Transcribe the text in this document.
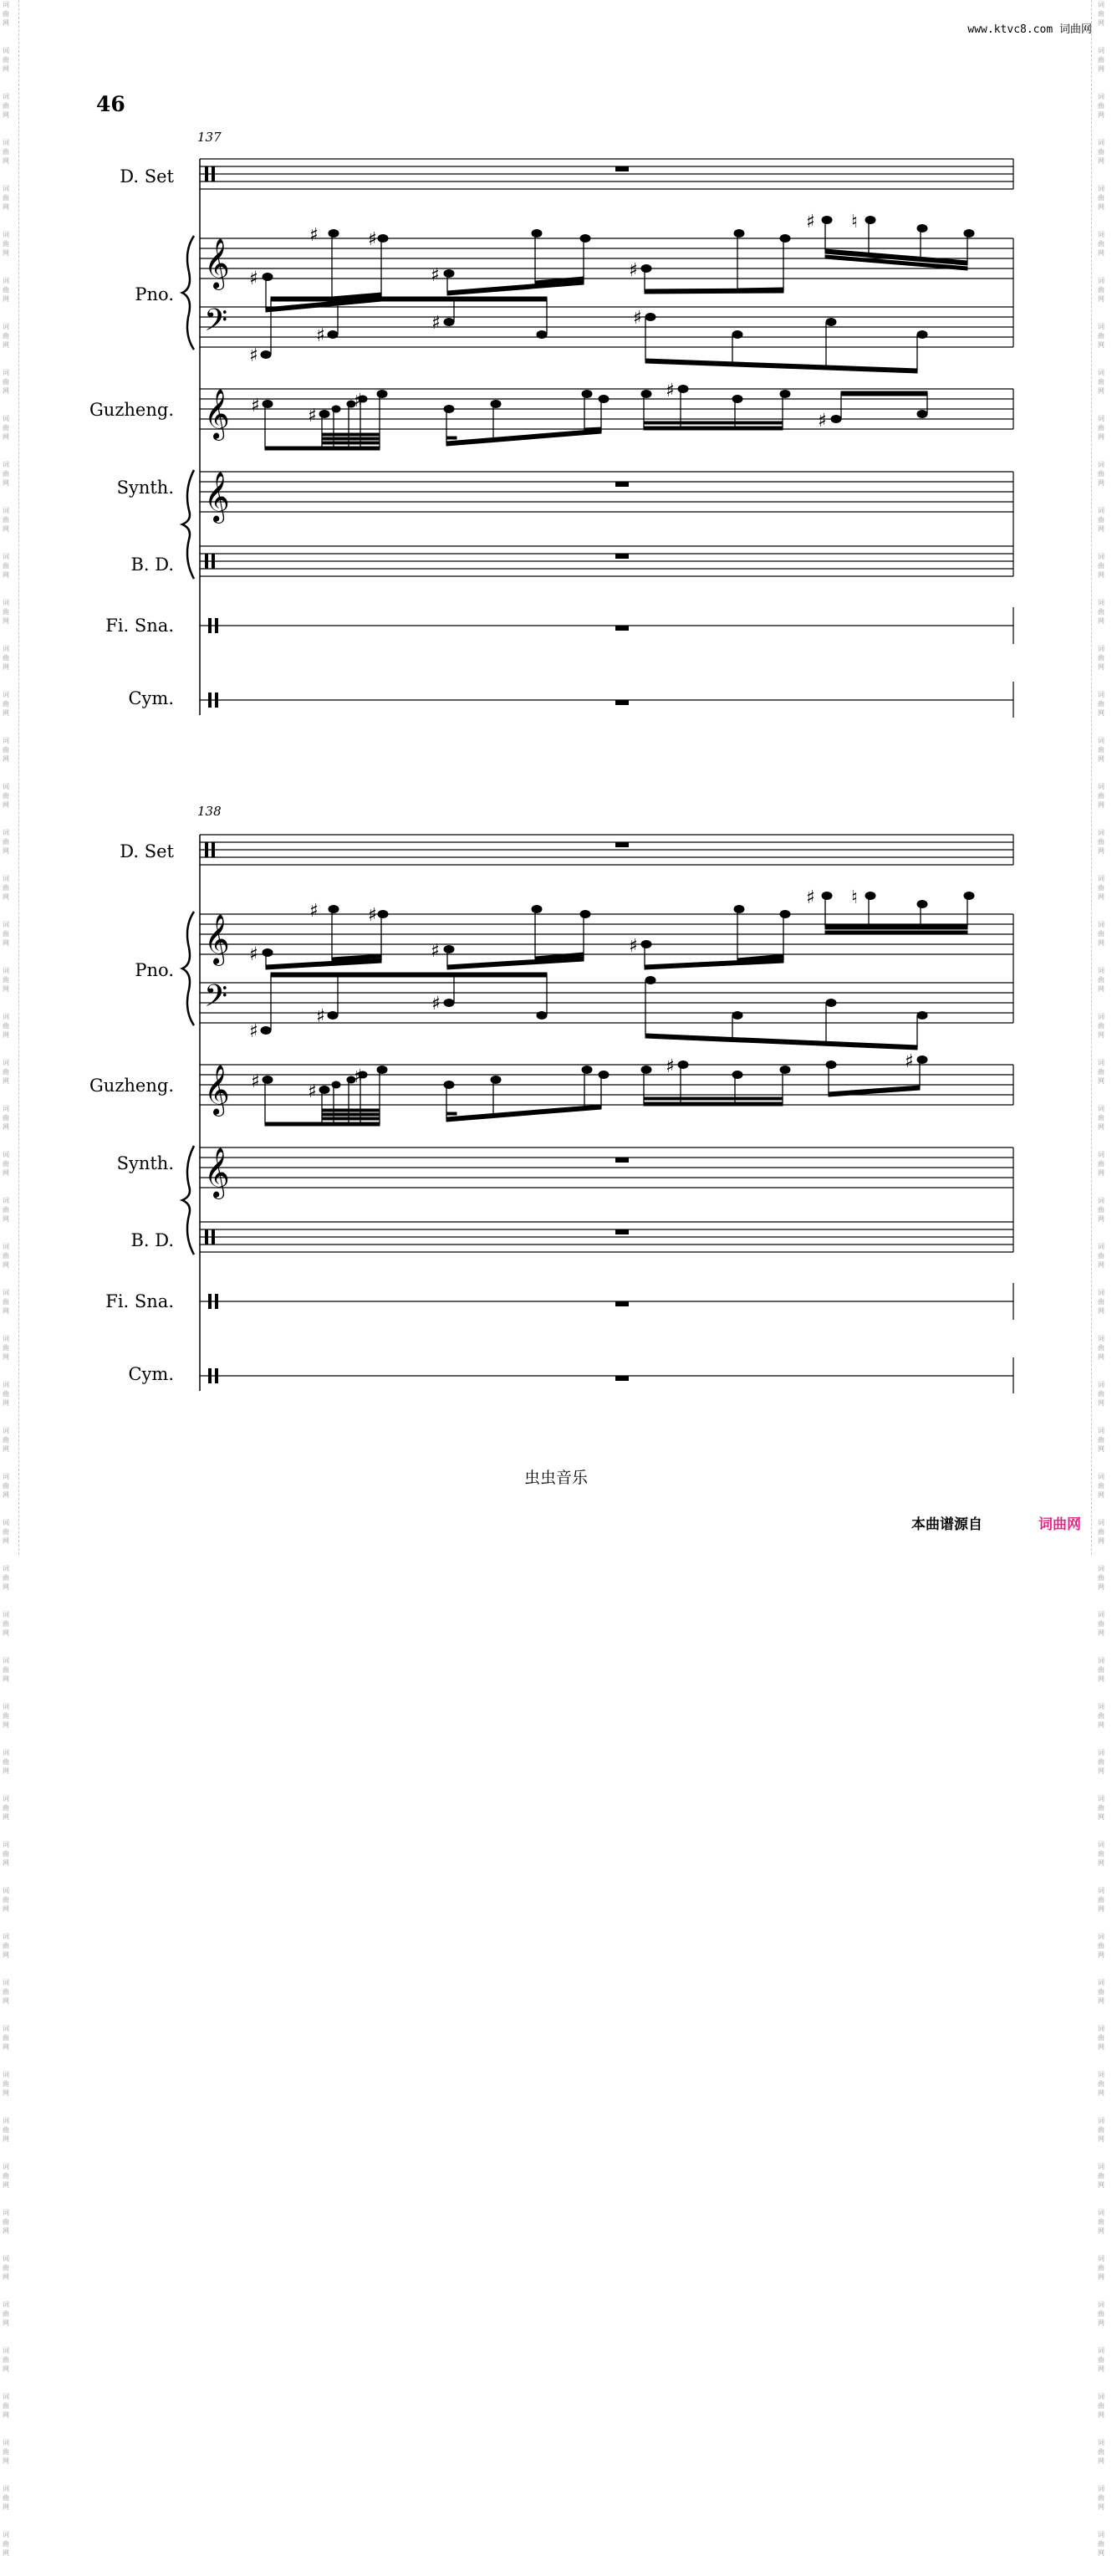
词
曲
网
词
曲
网
词
曲
网
词
曲
网
词
曲
网
词
曲
网
词
曲
网
词
曲
网
词
曲
网
词
曲
网
词
曲
网
词
曲
网
词
曲
网
词
曲
网
词
曲
网
词
曲
网
词
曲
网
词
曲
网
词
曲
网
词
曲
网
词
曲
网
词
曲
网
词
曲
网
词
曲
网
词
曲
网
词
曲
网
词
曲
网
词
曲
网
词
曲
网
词
曲
网
词
曲
网
词
曲
网
词
曲
网
词
曲
网
词
曲
网
词
曲
网
词
曲
网
词
曲
网
词
曲
网
词
曲
网
词
曲
网
词
曲
网
词
曲
网
词
曲
网
词
曲
网
词
曲
网
词
曲
网
词
曲
网
词
曲
网
词
曲
网
词
曲
网
词
曲
网
词
曲
网
词
曲
网
词
曲
网
词
曲
网
词
曲
网
词
曲
网
词
曲
网
词
曲
网
词
曲
网
词
曲
网
词
曲
网
词
曲
网
词
曲
网
词
曲
网
词
曲
网
词
曲
网
词
曲
网
词
曲
网
词
曲
网
词
曲
网
词
曲
网
词
曲
网
词
曲
网
词
曲
网
词
曲
网
词
曲
网
词
曲
网
词
曲
网
词
曲
网
词
曲
网
词
曲
网
词
曲
网
词
曲
网
词
曲
网
词
曲
网
词
曲
网
词
曲
网
词
曲
网
词
曲
网
词
曲
网
词
曲
网
词
曲
网
词
曲
网
词
曲
网
词
曲
网
词
曲
网
词
曲
网
词
曲
网
词
曲
网
词
曲
网
词
曲
网
词
曲
网
词
曲
网
词
曲
网
词
曲
网
词
曲
网
词
曲
网
词
曲
网
词
曲
网
词
曲
网
www.ktvc8.com 词曲网
46
137
D. Set
Pno.
Guzheng.
Synth.
B. D.
Fi. Sna.
Cym.
𝄞
𝄢
𝄞
𝄞
♯
♯	♯
♯	♯
♯ ♮
♯
♯
♯	♯
♯	♯
♯	♯
♯
138
D. Set
Pno.
Guzheng.
Synth.
B. D.
Fi. Sna.
Cym.
𝄞
𝄢
𝄞
𝄞
♯
♯	♯
♯	♯
♯ ♮
♯
♯
♯
♯	♯
♯	♯	♯
虫虫音乐
本曲谱源自	词曲网
